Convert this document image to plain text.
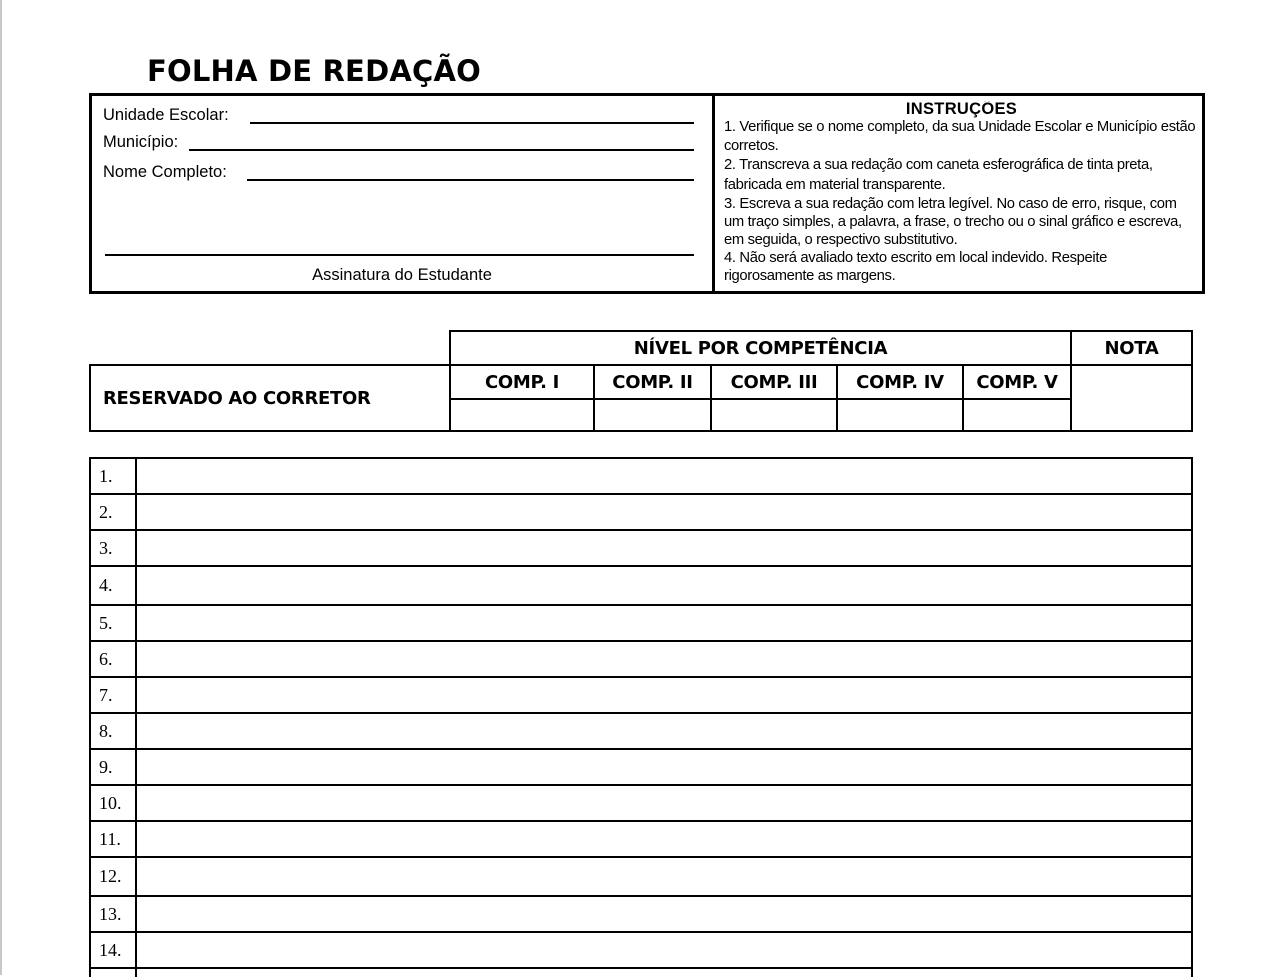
FOLHA DE REDAÇÃO
Unidade Escolar:
Município:
Nome Completo:
Assinatura do Estudante
INSTRUÇÕES

1. Verifique se o nome completo, da sua Unidade Escolar e Município estão corretos.

2. Transcreva a sua redação com caneta esferográfica de tinta preta, fabricada em material transparente.

3. Escreva a sua redação com letra legível. No caso de erro, risque, com um traço simples, a palavra, a frase, o trecho ou o sinal gráfico e escreva, em seguida, o respectivo substitutivo.

4. Não será avaliado texto escrito em local indevido. Respeite rigorosamente as margens.

NÍVEL POR COMPETÊNCIA	NOTA
RESERVADO AO CORRETOR
COMP. I	COMP. II	COMP. III	COMP. IV	COMP. V
1.
2.
3.
4.
5.
6.
7.
8.
9.
10.
11.
12.
13.
14.
